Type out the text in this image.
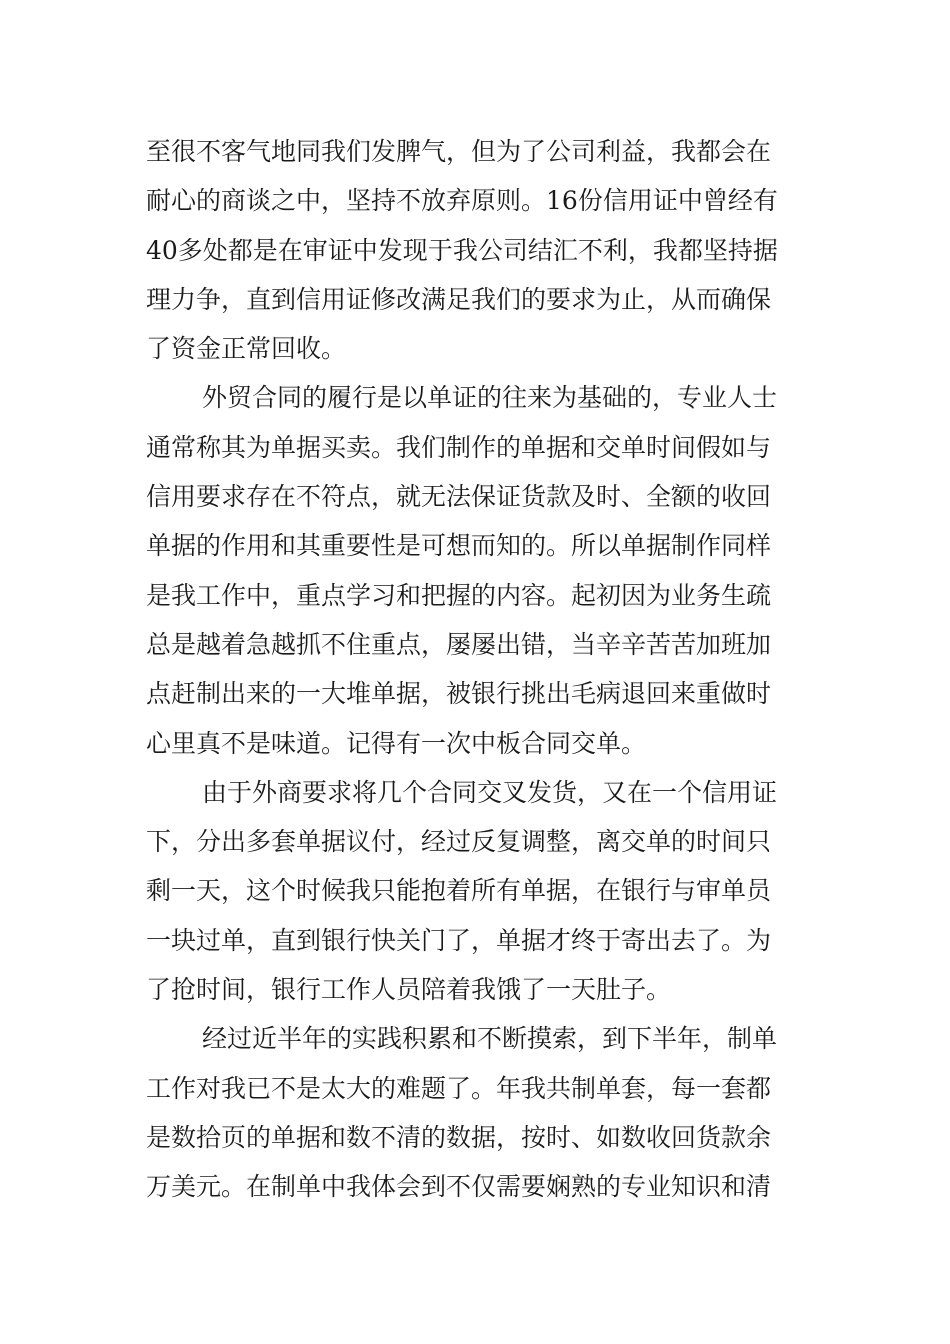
至很不客气地同我们发脾气，但为了公司利益，我都会在
耐心的商谈之中，坚持不放弃原则。16份信用证中曾经有
40多处都是在审证中发现于我公司结汇不利，我都坚持据
理力争，直到信用证修改满足我们的要求为止，从而确保
了资金正常回收。
外贸合同的履行是以单证的往来为基础的，专业人士
通常称其为单据买卖。我们制作的单据和交单时间假如与
信用要求存在不符点，就无法保证货款及时、全额的收回
单据的作用和其重要性是可想而知的。所以单据制作同样
是我工作中，重点学习和把握的内容。起初因为业务生疏
总是越着急越抓不住重点，屡屡出错，当辛辛苦苦加班加
点赶制出来的一大堆单据，被银行挑出毛病退回来重做时
心里真不是味道。记得有一次中板合同交单。
由于外商要求将几个合同交叉发货，又在一个信用证
下，分出多套单据议付，经过反复调整，离交单的时间只
剩一天，这个时候我只能抱着所有单据，在银行与审单员
一块过单，直到银行快关门了，单据才终于寄出去了。为
了抢时间，银行工作人员陪着我饿了一天肚子。
经过近半年的实践积累和不断摸索，到下半年，制单
工作对我已不是太大的难题了。年我共制单套，每一套都
是数拾页的单据和数不清的数据，按时、如数收回货款余
万美元。在制单中我体会到不仅需要娴熟的专业知识和清
